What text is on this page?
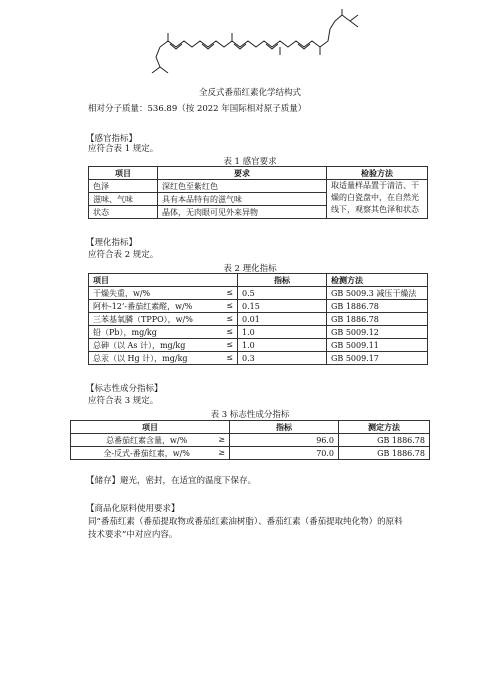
全反式番茄红素化学结构式
相对分子质量：536.89（按 2022 年国际相对原子质量）
【感官指标】
应符合表 1 规定。
表 1 感官要求
项目	要求	检验方法
色泽	深红色至紫红色	取适量样品置于清洁、干燥的白瓷盘中，在自然光线下，观察其色泽和状态
滋味、气味	具有本品特有的滋气味	
状态	晶体，无肉眼可见外来异物	
【理化指标】
应符合表 2 规定。
表 2 理化指标
项目	指标	检测方法
干燥失重，w/% ≤	0.5	GB 5009.3 减压干燥法
阿朴-12’-番茄红素醛，w/% ≤	0.15	GB 1886.78
三苯基氧膦（TPPO），w/% ≤	0.01	GB 1886.78
铅（Pb），mg/kg ≤	1.0	GB 5009.12
总砷（以 As 计），mg/kg ≤	1.0	GB 5009.11
总汞（以 Hg 计），mg/kg ≤	0.3	GB 5009.17
【标志性成分指标】
应符合表 3 规定。
表 3 标志性成分指标
项目	指标	测定方法
总番茄红素含量，w/% ≥	96.0	GB 1886.78
全-反式-番茄红素，w/% ≥	70.0	GB 1886.78
【储存】避光，密封，在适宜的温度下保存。
【商品化原料使用要求】
同“番茄红素（番茄提取物或番茄红素油树脂）、番茄红素（番茄提取纯化物）的原料
技术要求”中对应内容。
